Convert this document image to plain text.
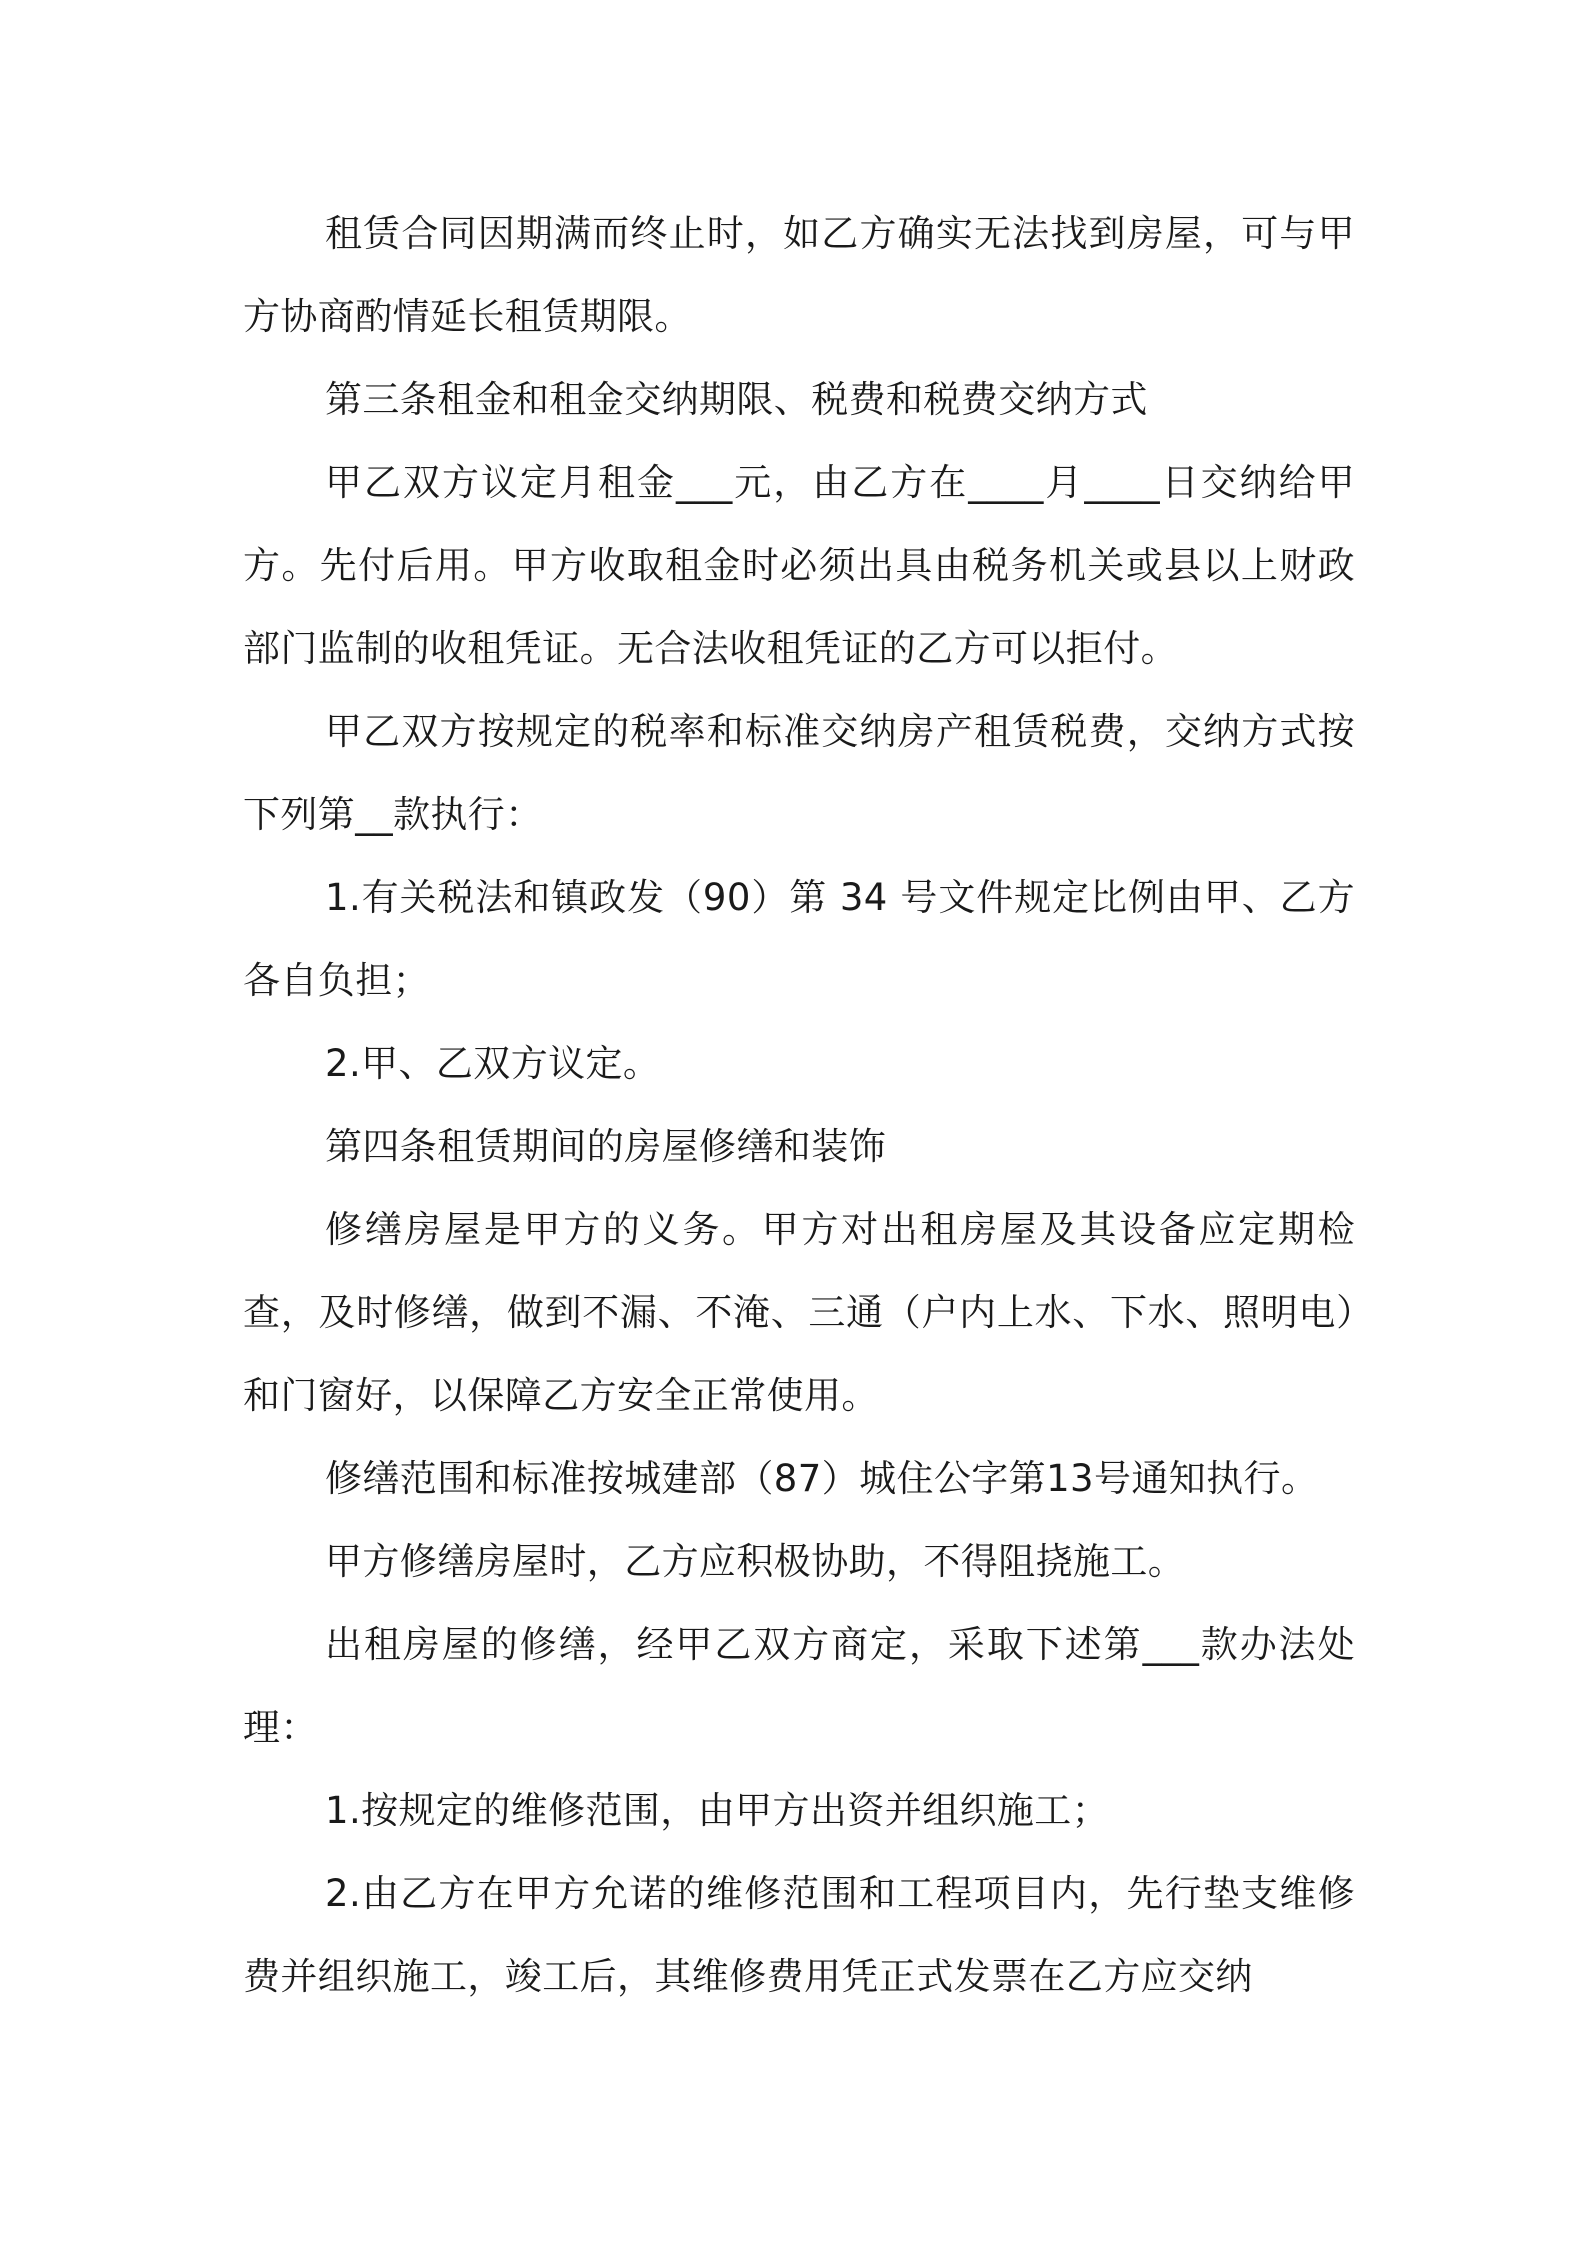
租赁合同因期满而终止时，如乙方确实无法找到房屋，可与甲方协商酌情延长租赁期限。

第三条租金和租金交纳期限、税费和税费交纳方式

甲乙双方议定月租金___元，由乙方在____月____日交纳给甲方。先付后用。甲方收取租金时必须出具由税务机关或县以上财政部门监制的收租凭证。无合法收租凭证的乙方可以拒付。

甲乙双方按规定的税率和标准交纳房产租赁税费，交纳方式按下列第__款执行：

1.有关税法和镇政发（90）第 34 号文件规定比例由甲、乙方各自负担；

2.甲、乙双方议定。

第四条租赁期间的房屋修缮和装饰

修缮房屋是甲方的义务。甲方对出租房屋及其设备应定期检查，及时修缮，做到不漏、不淹、三通（户内上水、下水、照明电）和门窗好，以保障乙方安全正常使用。

修缮范围和标准按城建部（87）城住公字第13号通知执行。

甲方修缮房屋时，乙方应积极协助，不得阻挠施工。

出租房屋的修缮，经甲乙双方商定，采取下述第___款办法处理：

1.按规定的维修范围，由甲方出资并组织施工；

2.由乙方在甲方允诺的维修范围和工程项目内，先行垫支维修费并组织施工，竣工后，其维修费用凭正式发票在乙方应交纳
